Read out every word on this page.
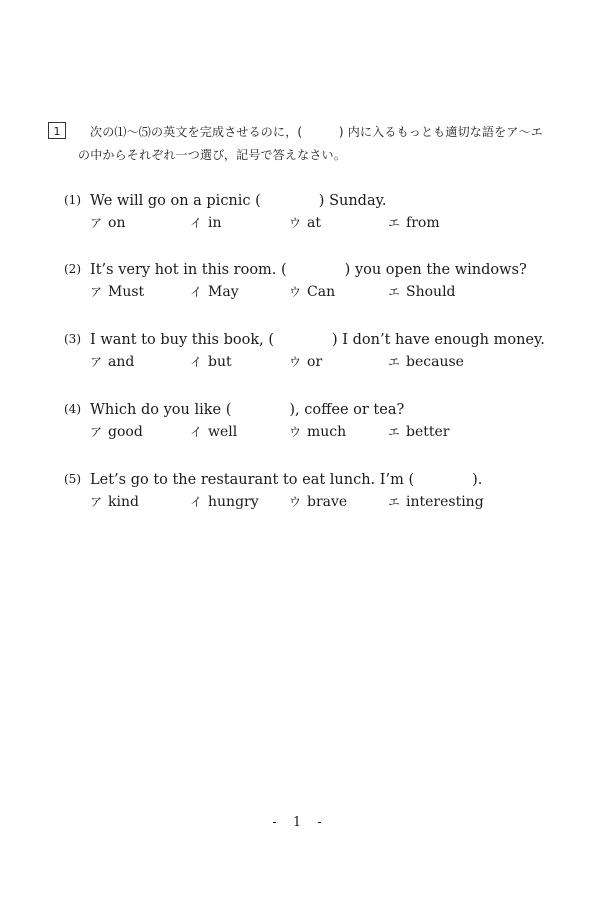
1	次の⑴〜⑸の英文を完成させるのに，(　　　) 内に入るもっとも適切な語をア〜エ
の中からそれぞれ一つ選び，記号で答えなさい。
(1) We will go on a picnic (　　　　) Sunday.
ア on	イ in	ウ at	エ from
(2) It’s very hot in this room. (　　　　) you open the windows?
ア Must	イ May	ウ Can	エ Should
(3) I want to buy this book, (　　　　) I don’t have enough money.
ア and	イ but	ウ or	エ because
(4) Which do you like (　　　　), coffee or tea?
ア good	イ well	ウ much	エ better
(5) Let’s go to the restaurant to eat lunch. I’m (　　　　).
ア kind	イ hungry	ウ brave	エ interesting
- 1 -
